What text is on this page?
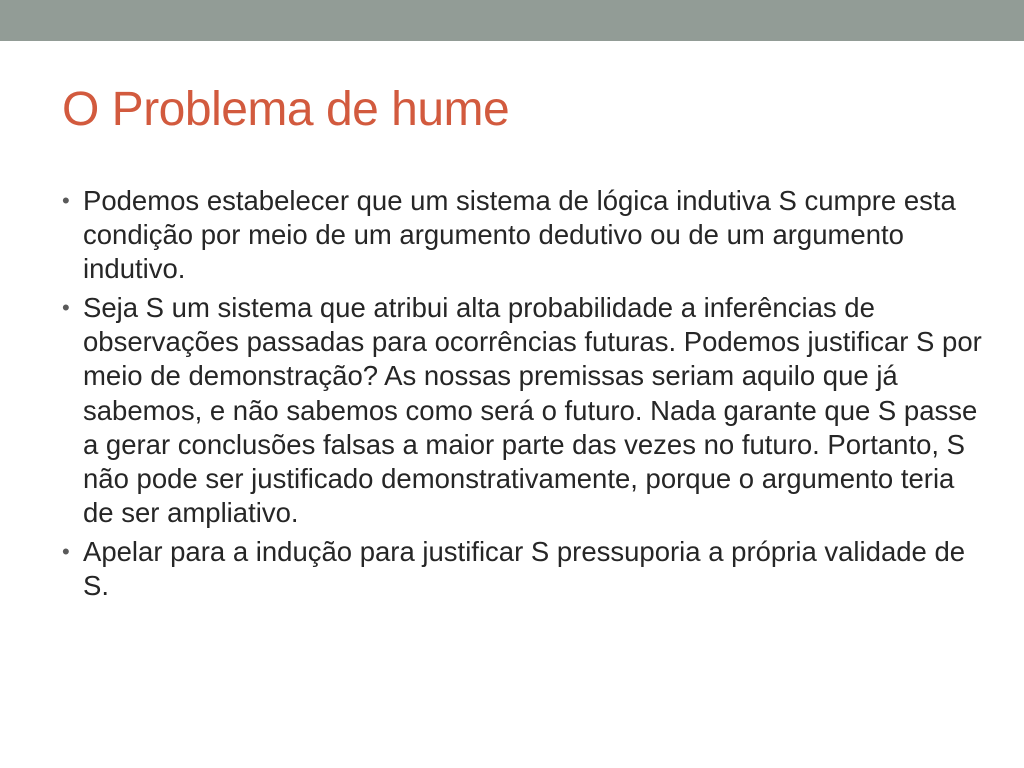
O Problema de hume
• Podemos estabelecer que um sistema de lógica indutiva S cumpre esta condição por meio de um argumento dedutivo ou de um argumento indutivo.
• Seja S um sistema que atribui alta probabilidade a inferências de observações passadas para ocorrências futuras. Podemos justificar S por meio de demonstração? As nossas premissas seriam aquilo que já sabemos, e não sabemos como será o futuro. Nada garante que S passe a gerar conclusões falsas a maior parte das vezes no futuro. Portanto, S não pode ser justificado demonstrativamente, porque o argumento teria de ser ampliativo.
• Apelar para a indução para justificar S pressuporia a própria validade de S.
